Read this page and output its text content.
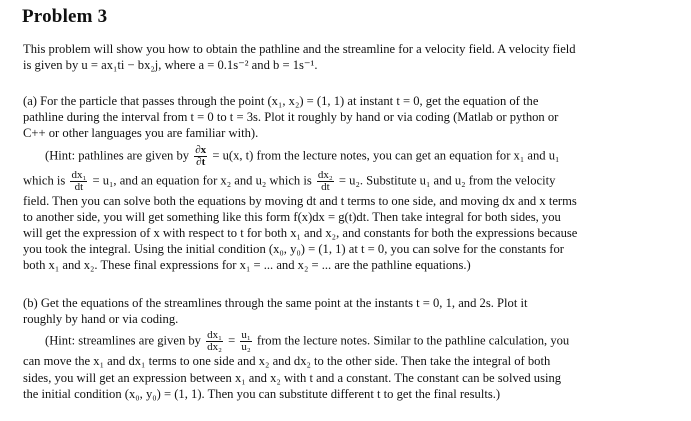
Problem 3
This problem will show you how to obtain the pathline and the streamline for a velocity field. A velocity field
is given by u = ax₁ti − bx₂j, where a = 0.1s⁻² and b = 1s⁻¹.
(a) For the particle that passes through the point (x₁, x₂) = (1, 1) at instant t = 0, get the equation of the
pathline during the interval from t = 0 to t = 3s. Plot it roughly by hand or via coding (Matlab or python or
C++ or other languages you are familiar with).
(Hint: pathlines are given by $\frac{\partial x}{\partial t} = u(x$, t) from the lecture notes, you can get an equation for x₁ and u₁
which is $\frac{\text{dx₁}}{dt} = u_1$, and an equation for x₂ and u₂ which is $\frac{\text{dx₂}}{dt} = u_2$. Substitute u₁ and u₂ from the velocity
field. Then you can solve both the equations by moving dt and t terms to one side, and moving dx and x terms
to another side, you will get something like this form f(x)dx = g(t)dt. Then take integral for both sides, you
will get the expression of x with respect to t for both x₁ and x₂, and constants for both the expressions because
you took the integral. Using the initial condition (x₀, y₀) = (1, 1) at t = 0, you can solve for the constants for
both x₁ and x₂. These final expressions for x₁ = ... and x₂ = ... are the pathline equations.)
(b) Get the equations of the streamlines through the same point at the instants t = 0, 1, and 2s. Plot it
roughly by hand or via coding.
(Hint: streamlines are given by $\frac{\text{dx₁}}{\text{dx₂}} = \frac{\text{u₁}}{\text{u₂}}$ from the lecture notes. Similar to the pathline calculation, you
can move the x₁ and dx₁ terms to one side and x₂ and dx₂ to the other side. Then take the integral of both
sides, you will get an expression between x₁ and x₂ with t and a constant. The constant can be solved using
the initial condition (x₀, y₀) = (1, 1). Then you can substitute different t to get the final results.)
